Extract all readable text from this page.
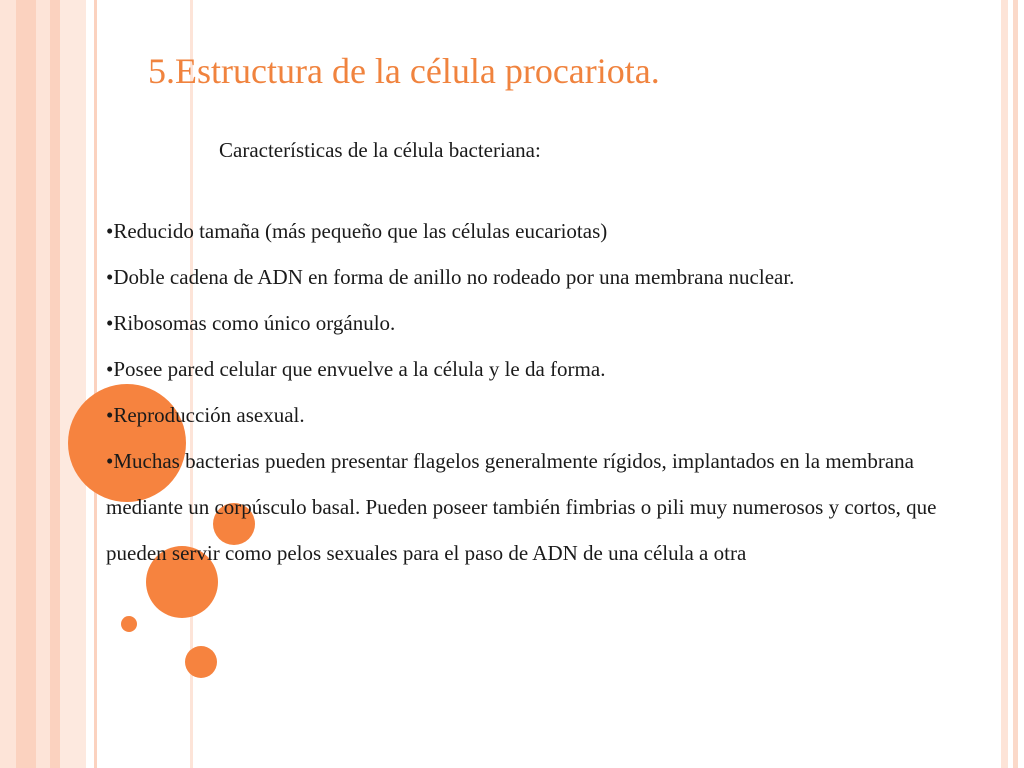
5.Estructura de la célula procariota.

Características de la célula bacteriana:

•Reducido tamaña (más pequeño que las células eucariotas)
•Doble cadena de ADN en forma de anillo no rodeado por una membrana nuclear.
•Ribosomas como único orgánulo.
•Posee pared celular que envuelve a la célula y le da forma.
•Reproducción asexual.
•Muchas bacterias pueden presentar flagelos generalmente rígidos, implantados en la membrana mediante un corpúsculo basal. Pueden poseer también fimbrias o pili muy numerosos y cortos, que pueden servir como pelos sexuales para el paso de ADN de una célula a otra
